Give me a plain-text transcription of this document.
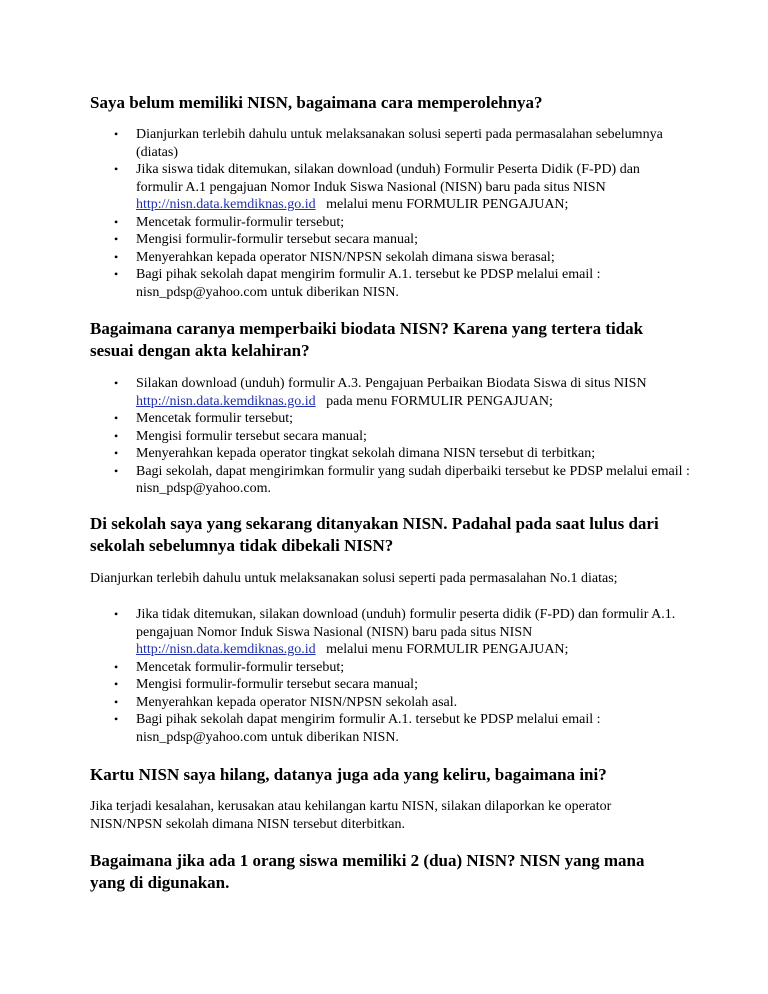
Saya belum memiliki NISN, bagaimana cara memperolehnya?
• Dianjurkan terlebih dahulu untuk melaksanakan solusi seperti pada permasalahan sebelumnya (diatas)
• Jika siswa tidak ditemukan, silakan download (unduh) Formulir Peserta Didik (F-PD) dan formulir A.1 pengajuan Nomor Induk Siswa Nasional (NISN) baru pada situs NISN http://nisn.data.kemdiknas.go.id melalui menu FORMULIR PENGAJUAN;
• Mencetak formulir-formulir tersebut;
• Mengisi formulir-formulir tersebut secara manual;
• Menyerahkan kepada operator NISN/NPSN sekolah dimana siswa berasal;
• Bagi pihak sekolah dapat mengirim formulir A.1. tersebut ke PDSP melalui email : nisn_pdsp@yahoo.com untuk diberikan NISN.
Bagaimana caranya memperbaiki biodata NISN? Karena yang tertera tidak
sesuai dengan akta kelahiran?
• Silakan download (unduh) formulir A.3. Pengajuan Perbaikan Biodata Siswa di situs NISN  http://nisn.data.kemdiknas.go.id pada menu FORMULIR PENGAJUAN;
• Mencetak formulir tersebut;
• Mengisi formulir tersebut secara manual;
• Menyerahkan kepada operator tingkat sekolah dimana NISN tersebut di terbitkan;
• Bagi sekolah, dapat mengirimkan formulir yang sudah diperbaiki tersebut ke PDSP melalui email : nisn_pdsp@yahoo.com.
Di sekolah saya yang sekarang ditanyakan NISN. Padahal pada saat lulus dari
sekolah sebelumnya tidak dibekali NISN?

Dianjurkan terlebih dahulu untuk melaksanakan solusi seperti pada permasalahan No.1 diatas;

• Jika tidak ditemukan, silakan download (unduh) formulir peserta didik (F-PD) dan formulir A.1. pengajuan Nomor Induk Siswa Nasional (NISN) baru pada situs NISN http://nisn.data.kemdiknas.go.id melalui menu FORMULIR PENGAJUAN;
• Mencetak formulir-formulir tersebut;
• Mengisi formulir-formulir tersebut secara manual;
• Menyerahkan kepada operator NISN/NPSN sekolah asal.
• Bagi pihak sekolah dapat mengirim formulir A.1. tersebut ke PDSP melalui email : nisn_pdsp@yahoo.com untuk diberikan NISN.
Kartu NISN saya hilang, datanya juga ada yang keliru, bagaimana ini?

Jika terjadi kesalahan, kerusakan atau kehilangan kartu NISN, silakan dilaporkan ke operator NISN/NPSN sekolah dimana NISN tersebut diterbitkan.

Bagaimana jika ada 1 orang siswa memiliki 2 (dua) NISN? NISN yang mana
yang di digunakan.
